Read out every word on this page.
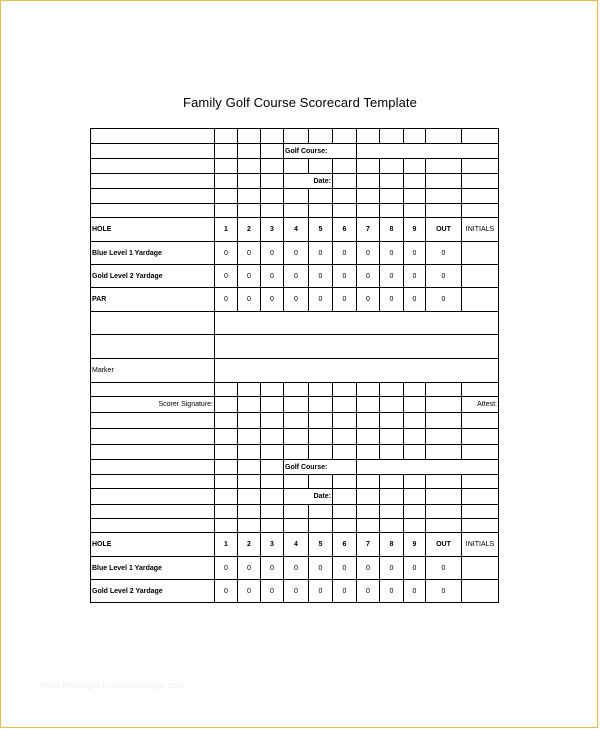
Family Golf Course Scorecard Template

				Golf Course:							

				Date:							

HOLE	1	2	3	4	5	6	7	8	9	OUT	INITIALS
Blue Level 1 Yardage	0	0	0	0	0	0	0	0	0	0	
Gold Level 2 Yardage	0	0	0	0	0	0	0	0	0	0	
PAR	0	0	0	0	0	0	0	0	0	0	

Marker											

Scorer Signature:											Attest:

				Golf Course:							

				Date:							

HOLE	1	2	3	4	5	6	7	8	9	OUT	INITIALS
Blue Level 1 Yardage	0	0	0	0	0	0	0	0	0	0	
Gold Level 2 Yardage	0	0	0	0	0	0	0	0	0	0	
www.heritagechristiancollege.com
